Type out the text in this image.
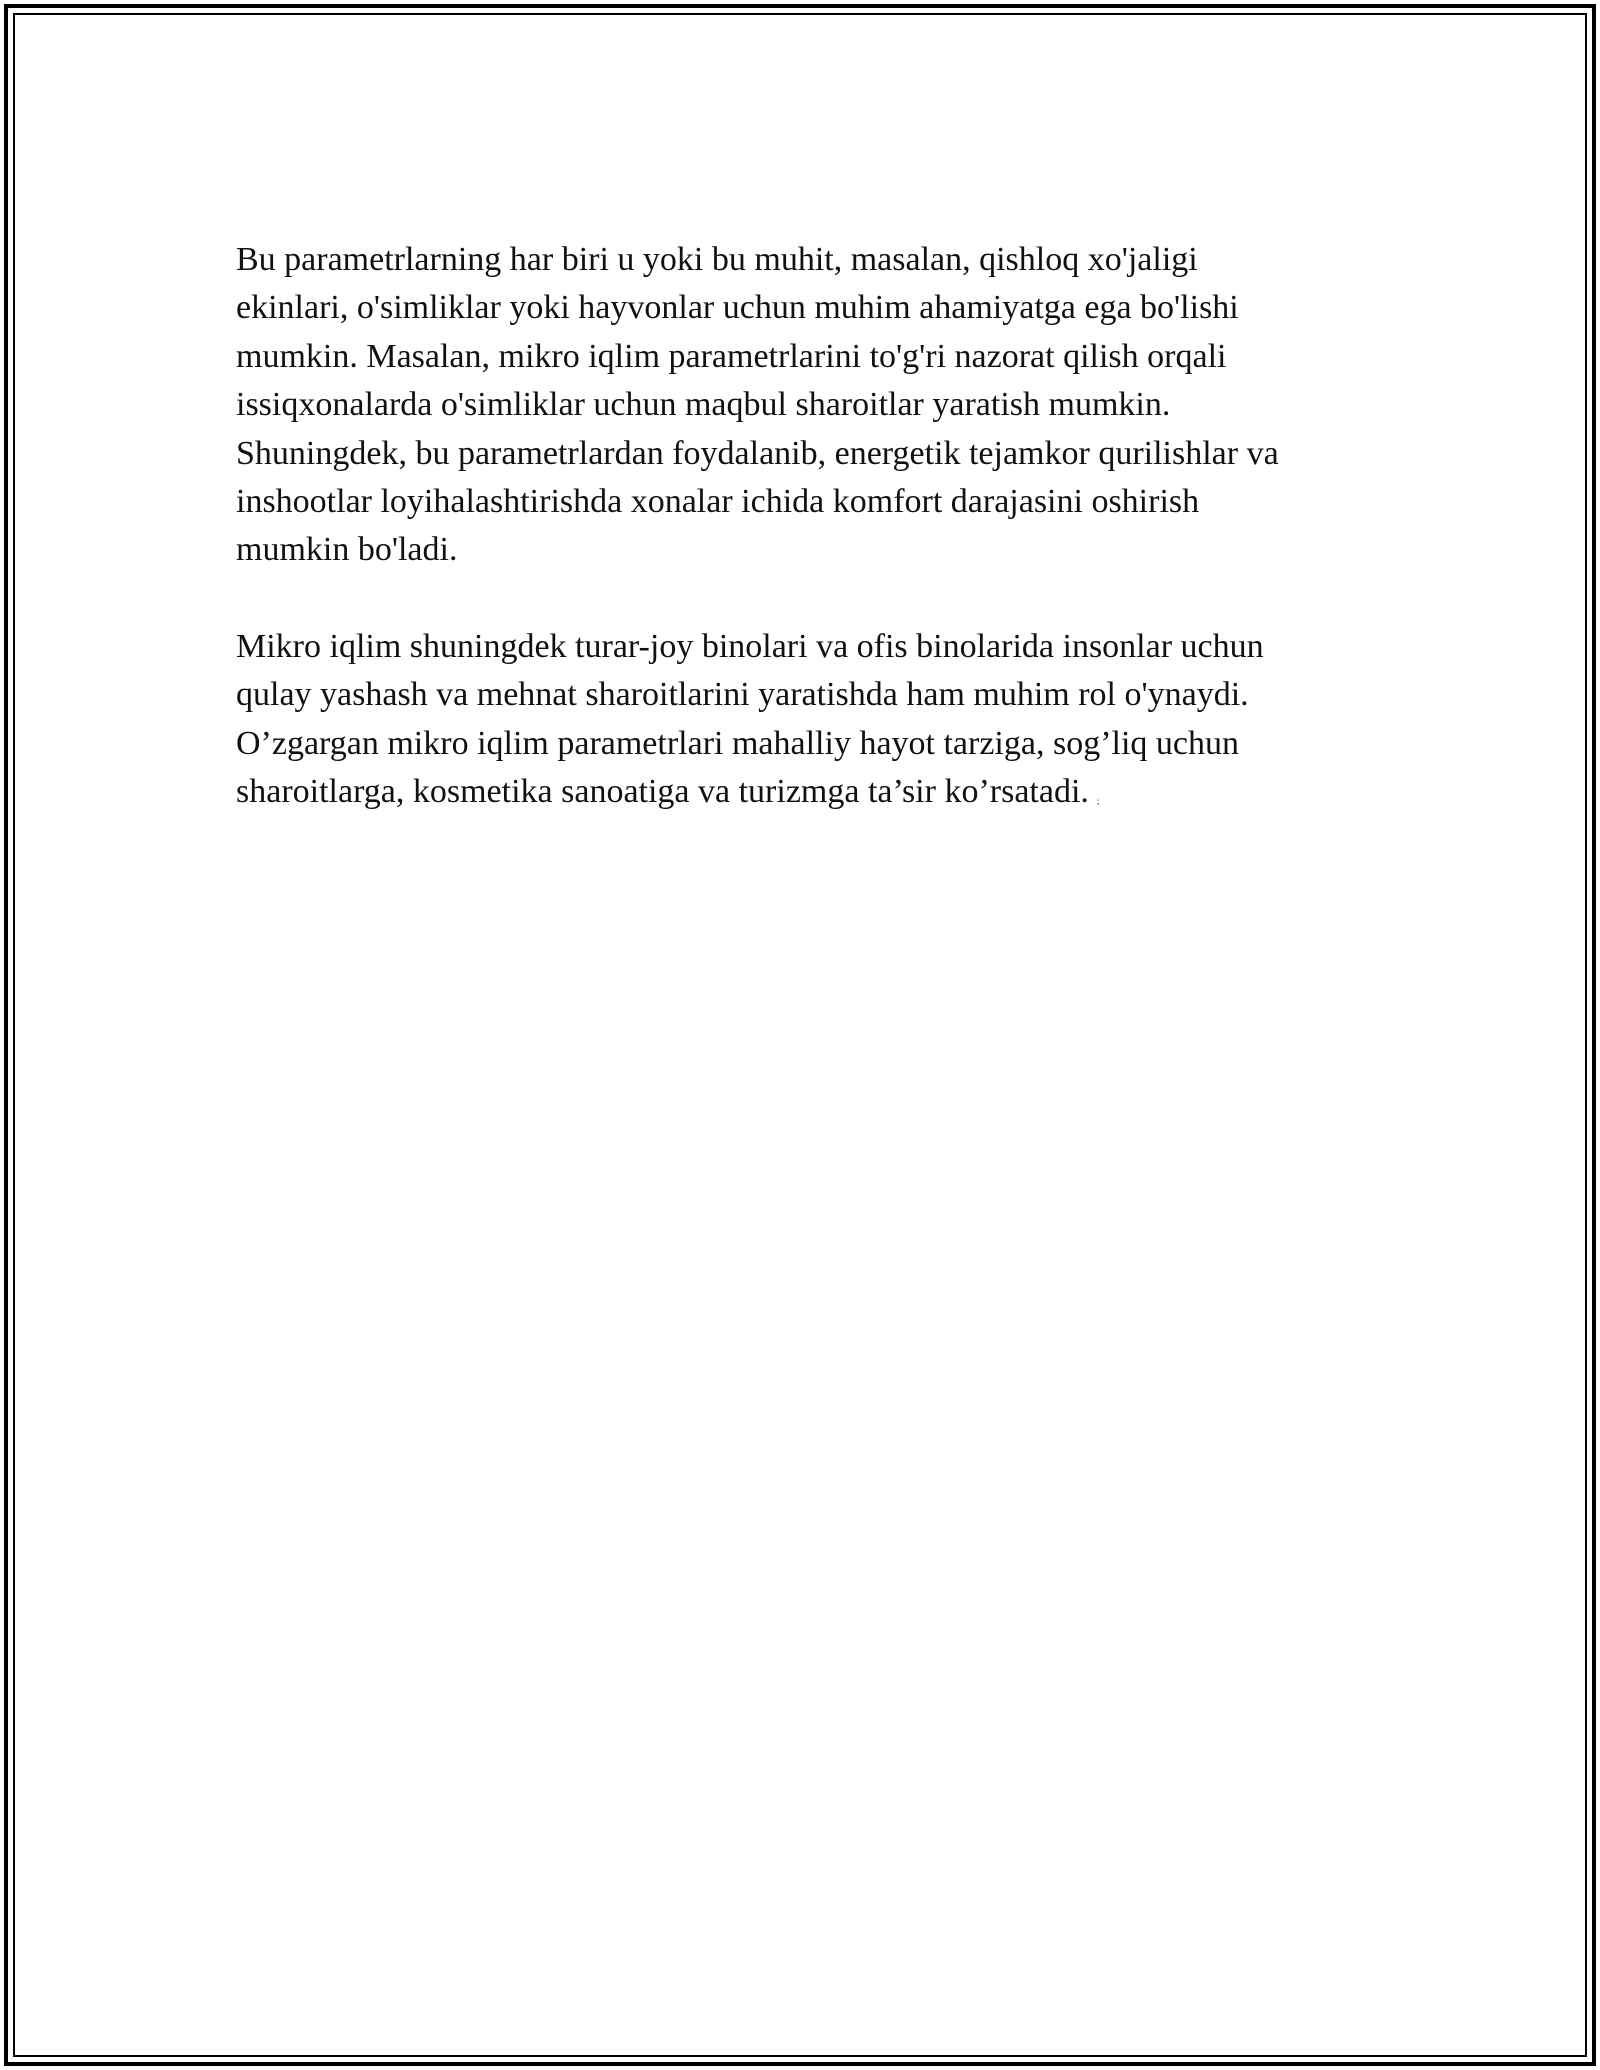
Bu parametrlarning har biri u yoki bu muhit, masalan, qishloq xo'jaligi
ekinlari, o'simliklar yoki hayvonlar uchun muhim ahamiyatga ega bo'lishi
mumkin. Masalan, mikro iqlim parametrlarini to'g'ri nazorat qilish orqali
issiqxonalarda o'simliklar uchun maqbul sharoitlar yaratish mumkin.
Shuningdek, bu parametrlardan foydalanib, energetik tejamkor qurilishlar va
inshootlar loyihalashtirishda xonalar ichida komfort darajasini oshirish
mumkin bo'ladi.
Mikro iqlim shuningdek turar-joy binolari va ofis binolarida insonlar uchun
qulay yashash va mehnat sharoitlarini yaratishda ham muhim rol o'ynaydi.
O’zgargan mikro iqlim parametrlari mahalliy hayot tarziga, sog’liq uchun
sharoitlarga, kosmetika sanoatiga va turizmga ta’sir ko’rsatadi. ;
